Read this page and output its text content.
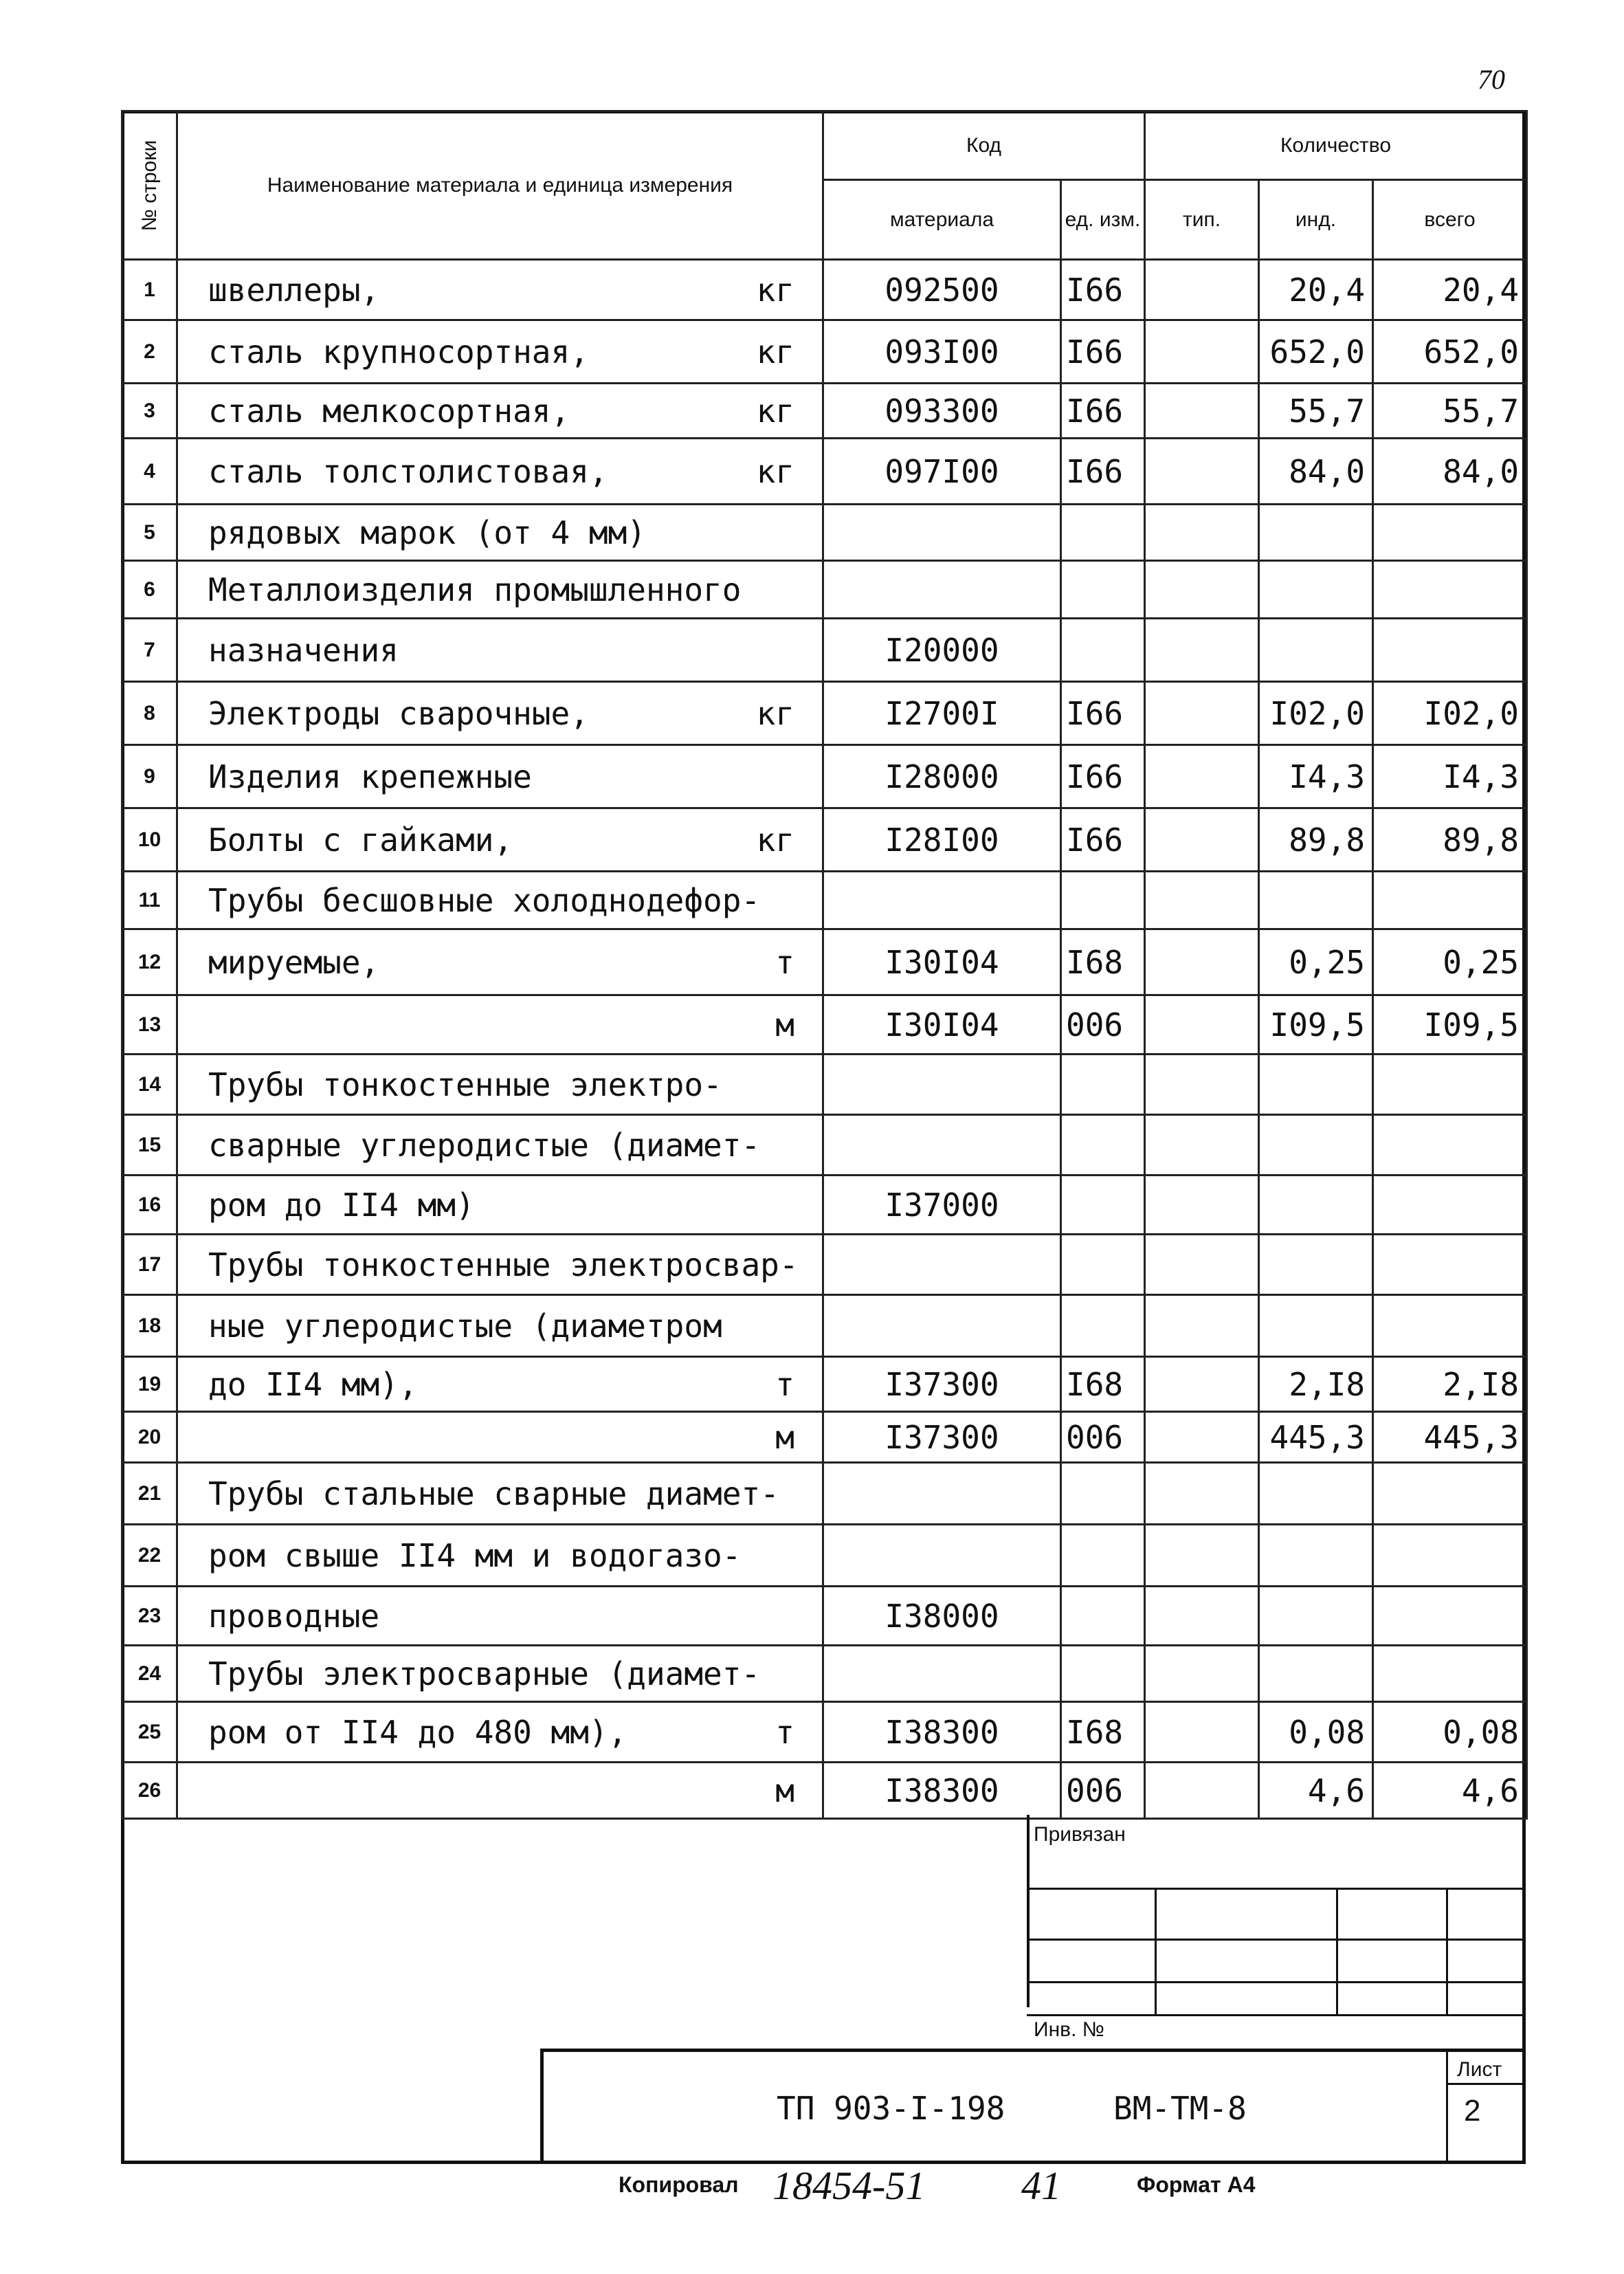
70
№ строки	Наименование материала и единица измерения	Код		Количество		
		материала	ед. изм.	тип.	инд.	всего
1	швеллеры, кг	092500	I66		20,4	20,4
2	сталь крупносортная, кг	093I00	I66		652,0	652,0
3	сталь мелкосортная, кг	093300	I66		55,7	55,7
4	сталь толстолистовая, кг	097I00	I66		84,0	84,0
5	рядовых марок (от 4 мм)

6	Металлоизделия промышленного

7	назначения	I20000				
8	Электроды сварочные, кг	I2700I	I66		I02,0	I02,0
9	Изделия крепежные	I28000	I66		I4,3	I4,3
10	Болты с гайками, кг	I28I00	I66		89,8	89,8
11	Трубы бесшовные холоднодефор-

12	мируемые, т	I30I04	I68		0,25	0,25
13	м	I30I04	006		I09,5	I09,5
14	Трубы тонкостенные электро-

15	сварные углеродистые (диамет-

16	ром до II4 мм)	I37000				
17	Трубы тонкостенные электросвар-

18	ные углеродистые (диаметром

19	до II4 мм), т	I37300	I68		2,I8	2,I8
20	м	I37300	006		445,3	445,3
21	Трубы стальные сварные диамет-

22	ром свыше II4 мм и водогазо-

23	проводные	I38000				
24	Трубы электросварные (диамет-

25	ром от II4 до 480 мм), т	I38300	I68		0,08	0,08
26	м	I38300	006		4,6	4,6
Привязан
Инв. №
ТП 903-I-198	ВМ-ТМ-8
Лист
2
Копировал 18454-51 41	Формат А4
